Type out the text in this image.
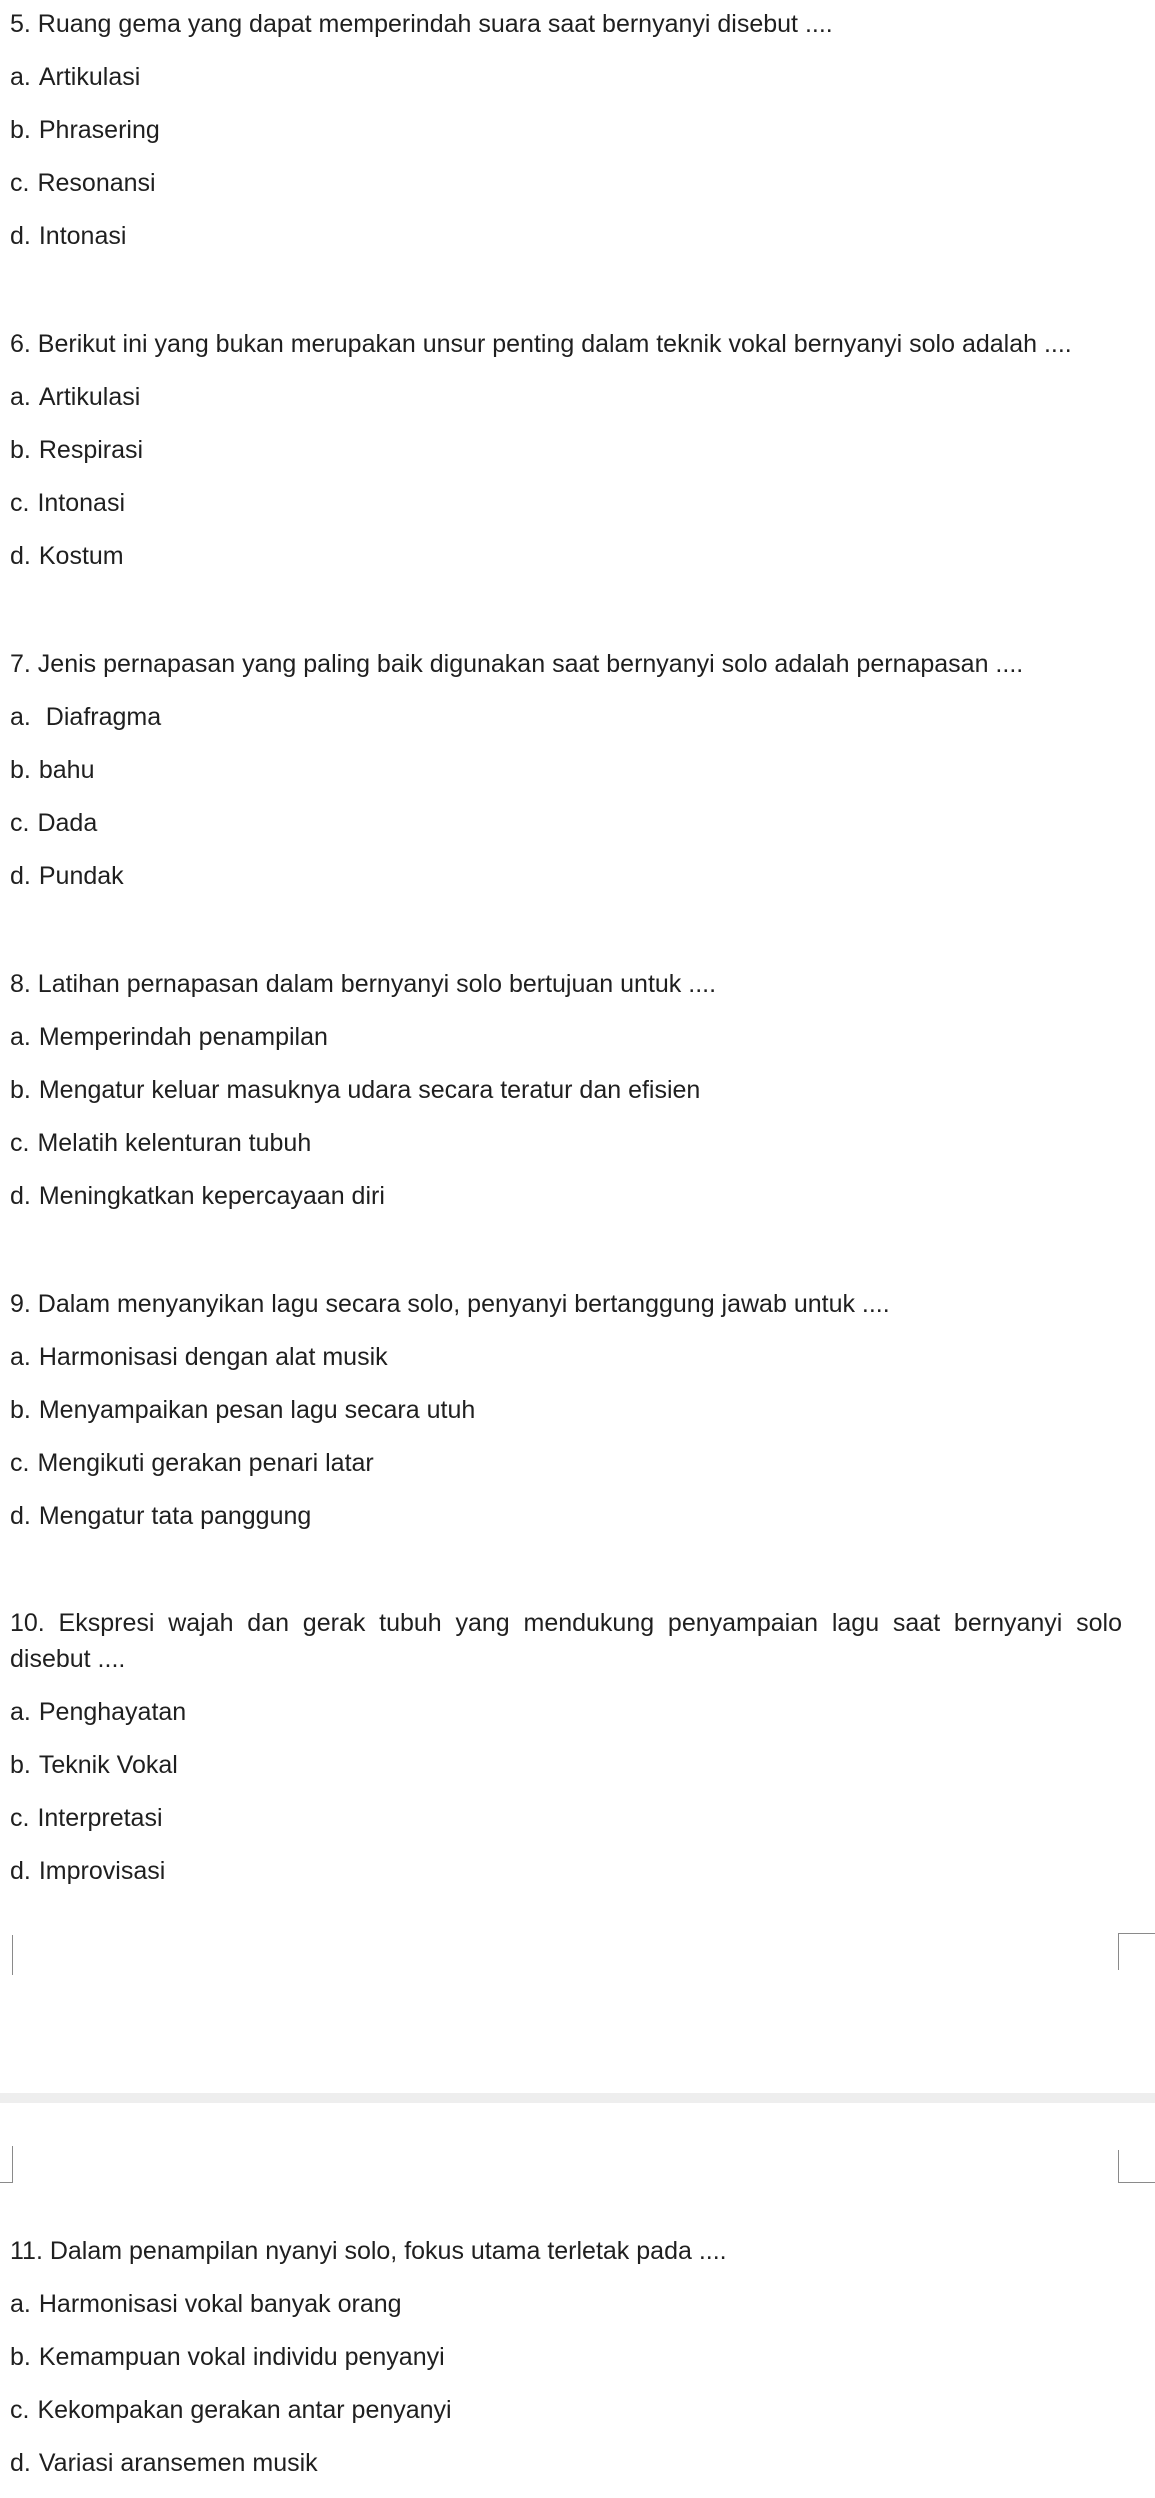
5. Ruang gema yang dapat memperindah suara saat bernyanyi disebut ....
a. Artikulasi
b. Phrasering
c. Resonansi
d. Intonasi
6. Berikut ini yang bukan merupakan unsur penting dalam teknik vokal bernyanyi solo adalah ....
a. Artikulasi
b. Respirasi
c. Intonasi
d. Kostum
7. Jenis pernapasan yang paling baik digunakan saat bernyanyi solo adalah pernapasan ....
a. Diafragma
b. bahu
c. Dada
d. Pundak
8. Latihan pernapasan dalam bernyanyi solo bertujuan untuk ....
a. Memperindah penampilan
b. Mengatur keluar masuknya udara secara teratur dan efisien
c. Melatih kelenturan tubuh
d. Meningkatkan kepercayaan diri
9. Dalam menyanyikan lagu secara solo, penyanyi bertanggung jawab untuk ....
a. Harmonisasi dengan alat musik
b. Menyampaikan pesan lagu secara utuh
c. Mengikuti gerakan penari latar
d. Mengatur tata panggung
10. Ekspresi wajah dan gerak tubuh yang mendukung penyampaian lagu saat bernyanyi solo disebut ....
a. Penghayatan
b. Teknik Vokal
c. Interpretasi
d. Improvisasi
11. Dalam penampilan nyanyi solo, fokus utama terletak pada ....
a. Harmonisasi vokal banyak orang
b. Kemampuan vokal individu penyanyi
c. Kekompakan gerakan antar penyanyi
d. Variasi aransemen musik
